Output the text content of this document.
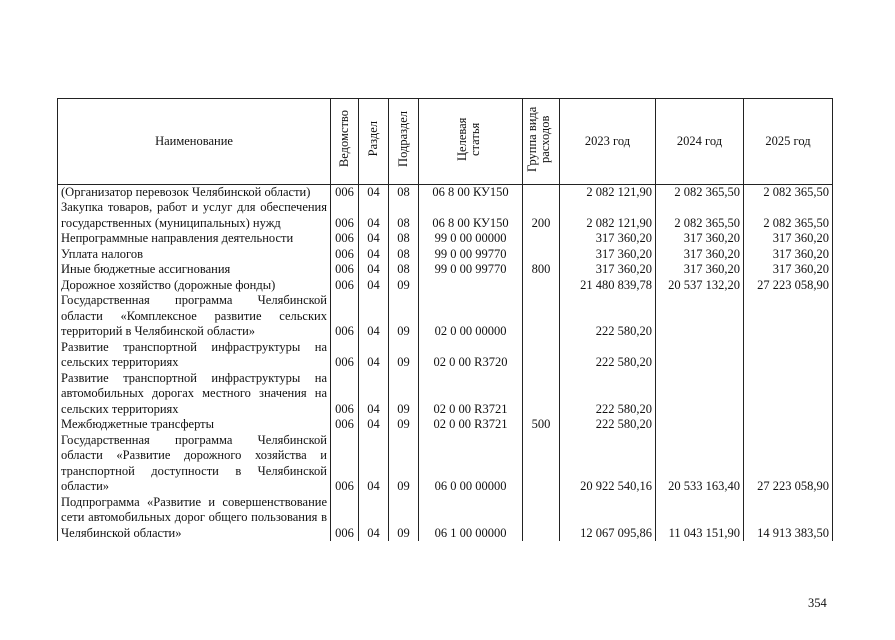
Наименование	Ведомство	Раздел	Подраздел	Целевая статья	Группа вида расходов	2023 год	2024 год	2025 год
(Организатор перевозок Челябинской области)	006	04	08	06 8 00 КУ150		2 082 121,90	2 082 365,50	2 082 365,50
Закупка товаров, работ и услуг для обеспечения государственных (муниципальных) нужд	006	04	08	06 8 00 КУ150	200	2 082 121,90	2 082 365,50	2 082 365,50
Непрограммные направления деятельности	006	04	08	99 0 00 00000		317 360,20	317 360,20	317 360,20
Уплата налогов	006	04	08	99 0 00 99770		317 360,20	317 360,20	317 360,20
Иные бюджетные ассигнования	006	04	08	99 0 00 99770	800	317 360,20	317 360,20	317 360,20
Дорожное хозяйство (дорожные фонды)	006	04	09			21 480 839,78	20 537 132,20	27 223 058,90
Государственная программа Челябинской области «Комплексное развитие сельских территорий в Челябинской области»	006	04	09	02 0 00 00000		222 580,20		
Развитие транспортной инфраструктуры на сельских территориях	006	04	09	02 0 00 R3720		222 580,20		
Развитие транспортной инфраструктуры на автомобильных дорогах местного значения на сельских территориях	006	04	09	02 0 00 R3721		222 580,20		
Межбюджетные трансферты	006	04	09	02 0 00 R3721	500	222 580,20		
Государственная программа Челябинской области «Развитие дорожного хозяйства и транспортной доступности в Челябинской области»	006	04	09	06 0 00 00000		20 922 540,16	20 533 163,40	27 223 058,90
Подпрограмма «Развитие и совершенствование сети автомобильных дорог общего пользования в Челябинской области»	006	04	09	06 1 00 00000		12 067 095,86	11 043 151,90	14 913 383,50
354
